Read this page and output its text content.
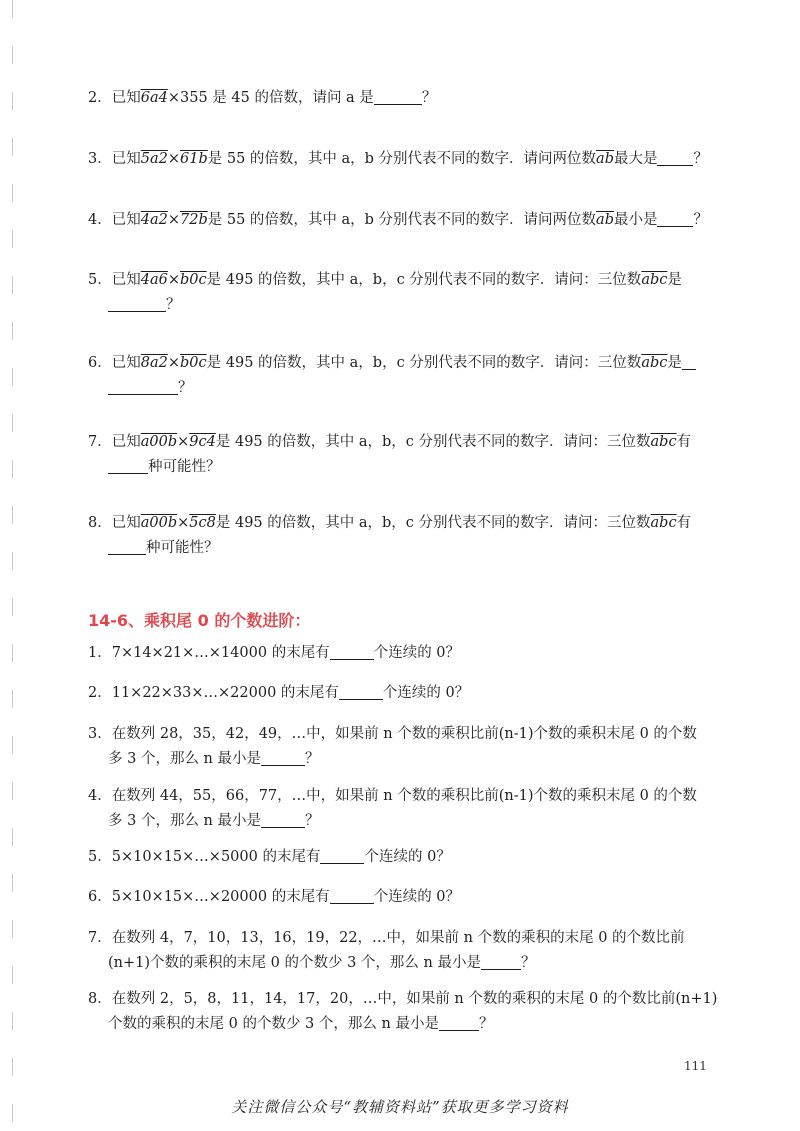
2．已知6a4×355 是 45 的倍数，请问 a 是	？
3．已知5a2×61b是 55 的倍数，其中 a，b 分别代表不同的数字．请问两位数$\overline{ab}$最大是 ？
4．已知4a2×72b是 55 的倍数，其中 a，b 分别代表不同的数字．请问两位数$\overline{ab}$最小是 ？
5．已知4a6×b0c是 495 的倍数，其中 a，b，c 分别代表不同的数字．请问：三位数$\overline{abc}$是
？
6．已知8a2×b0c是 495 的倍数，其中 a，b，c 分别代表不同的数字．请问：三位数$\overline{abc}$是
？
7．已知a00b×9c4是 495 的倍数，其中 a，b，c 分别代表不同的数字．请问：三位数$\overline{abc}$有
种可能性？
8．已知a00b×5c8是 495 的倍数，其中 a，b，c 分别代表不同的数字．请问：三位数$\overline{abc}$有
种可能性？
14-6、乘积尾 0 的个数进阶：
1．7×14×21×…×14000 的末尾有	个连续的 0？
2．11×22×33×…×22000 的末尾有	个连续的 0？
3．在数列 28，35，42，49，…中，如果前 n 个数的乘积比前(n-1)个数的乘积末尾 0 的个数
多 3 个，那么 n 最小是	？
4．在数列 44，55，66，77，…中，如果前 n 个数的乘积比前(n-1)个数的乘积末尾 0 的个数
多 3 个，那么 n 最小是	？
5．5×10×15×…×5000 的末尾有	个连续的 0？
6．5×10×15×…×20000 的末尾有	个连续的 0？
7．在数列 4，7，10，13，16，19，22，…中，如果前 n 个数的乘积的末尾 0 的个数比前
(n+1)个数的乘积的末尾 0 的个数少 3 个，那么 n 最小是	？
8．在数列 2，5，8，11，14，17，20，…中，如果前 n 个数的乘积的末尾 0 的个数比前(n+1)
个数的乘积的末尾 0 的个数少 3 个，那么 n 最小是	？
111
关注微信公众号“教辅资料站”获取更多学习资料
